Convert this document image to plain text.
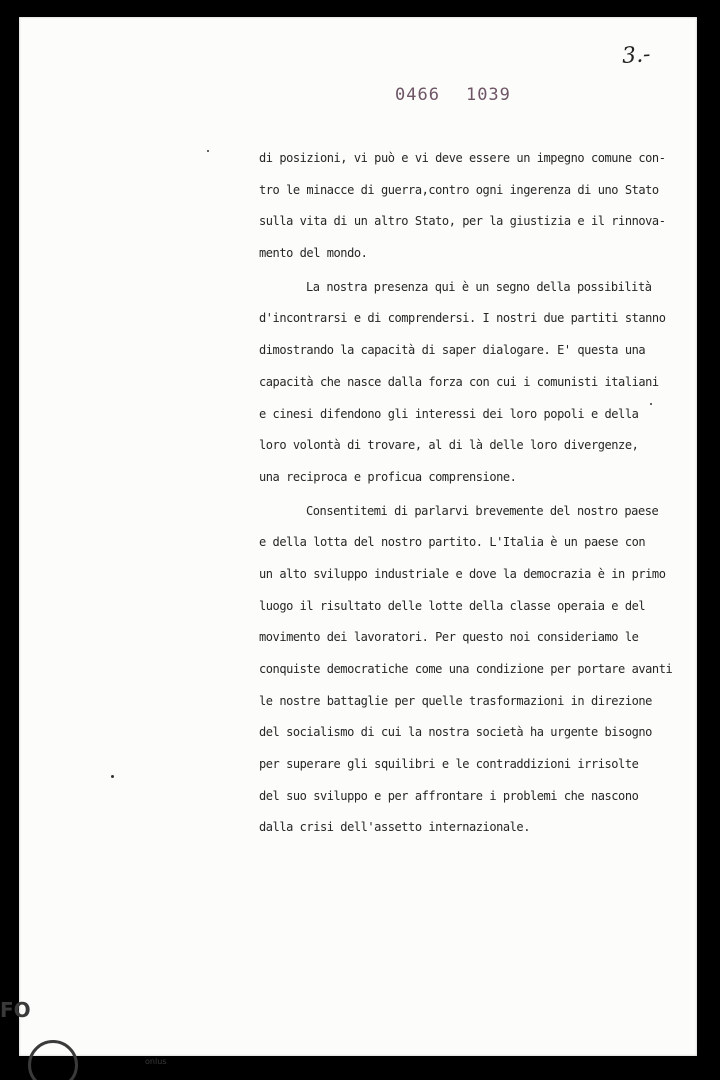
3.-
0466 1039
di posizioni, vi può e vi deve essere un impegno comune con-
tro le minacce di guerra,contro ogni ingerenza di uno Stato
sulla vita di un altro Stato, per la giustizia e il rinnova-
mento del mondo.
La nostra presenza qui è un segno della possibilità
d'incontrarsi e di comprendersi. I nostri due partiti stanno
dimostrando la capacità di saper dialogare. E' questa una
capacità che nasce dalla forza con cui i comunisti italiani
e cinesi difendono gli interessi dei loro popoli e della
loro volontà di trovare, al di là delle loro divergenze,
una reciproca e proficua comprensione.
Consentitemi di parlarvi brevemente del nostro paese
e della lotta del nostro partito. L'Italia è un paese con
un alto sviluppo industriale e dove la democrazia è in primo
luogo il risultato delle lotte della classe operaia e del
movimento dei lavoratori. Per questo noi consideriamo le
conquiste democratiche come una condizione per portare avanti
le nostre battaglie per quelle trasformazioni in direzione
del socialismo di cui la nostra società ha urgente bisogno
per superare gli squilibri e le contraddizioni irrisolte
del suo sviluppo e per affrontare i problemi che nascono
dalla crisi dell'assetto internazionale.
FO
onlus
